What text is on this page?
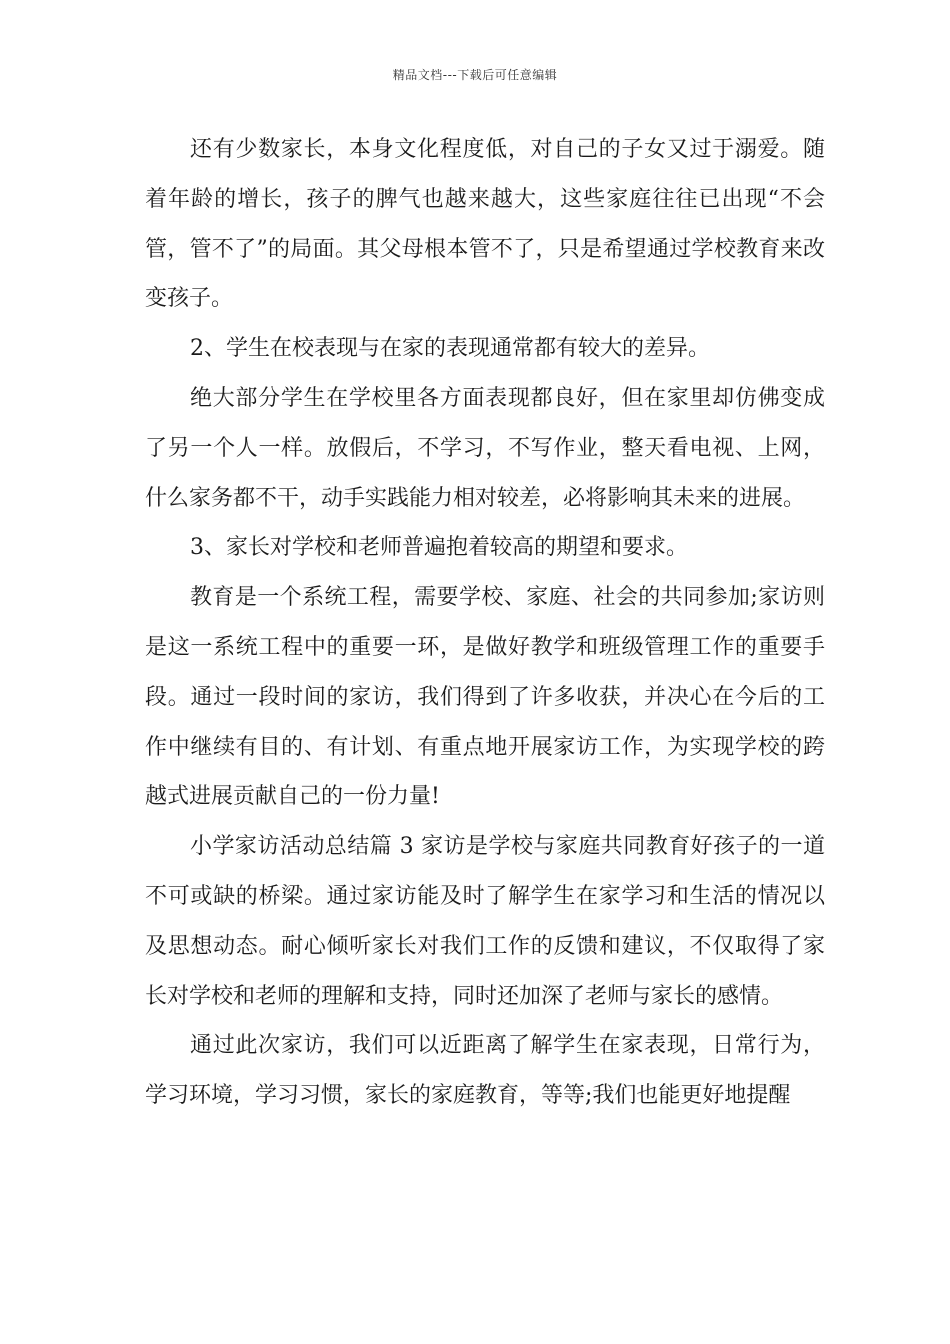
精品文档---下载后可任意编辑

还有少数家长，本身文化程度低，对自己的子女又过于溺爱。随着年龄的增长，孩子的脾气也越来越大，这些家庭往往已出现“不会管，管不了”的局面。其父母根本管不了，只是希望通过学校教育来改变孩子。

2、学生在校表现与在家的表现通常都有较大的差异。

绝大部分学生在学校里各方面表现都良好，但在家里却仿佛变成了另一个人一样。放假后，不学习，不写作业，整天看电视、上网，什么家务都不干，动手实践能力相对较差，必将影响其未来的进展。

3、家长对学校和老师普遍抱着较高的期望和要求。

教育是一个系统工程，需要学校、家庭、社会的共同参加;家访则是这一系统工程中的重要一环，是做好教学和班级管理工作的重要手段。通过一段时间的家访，我们得到了许多收获，并决心在今后的工作中继续有目的、有计划、有重点地开展家访工作，为实现学校的跨越式进展贡献自己的一份力量!

小学家访活动总结篇 3 家访是学校与家庭共同教育好孩子的一道不可或缺的桥梁。通过家访能及时了解学生在家学习和生活的情况以及思想动态。耐心倾听家长对我们工作的反馈和建议，不仅取得了家长对学校和老师的理解和支持，同时还加深了老师与家长的感情。

通过此次家访，我们可以近距离了解学生在家表现，日常行为，学习环境，学习习惯，家长的家庭教育，等等;我们也能更好地提醒
